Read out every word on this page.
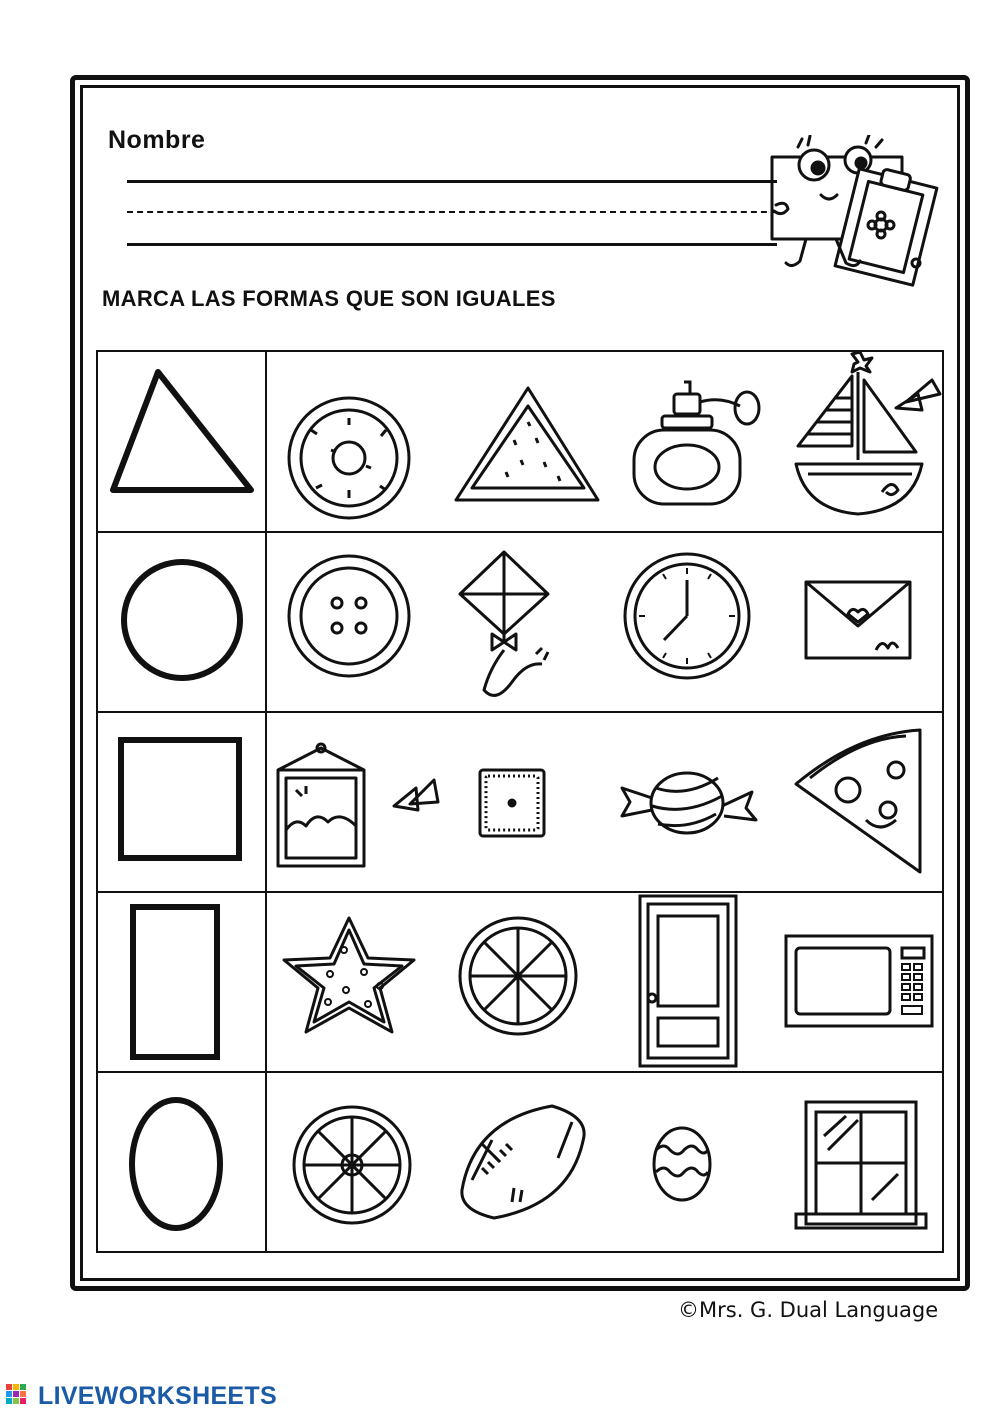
Nombre
MARCA LAS FORMAS QUE SON IGUALES
©Mrs. G. Dual Language
LIVEWORKSHEETS
